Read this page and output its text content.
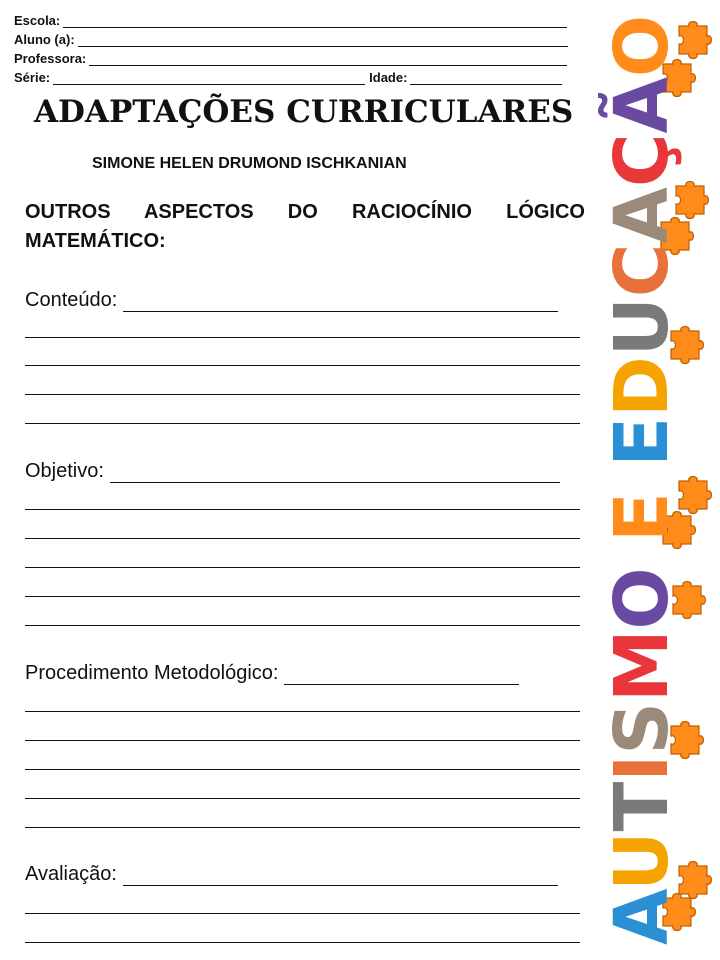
Escola:
Aluno (a):
Professora:
Série:	Idade:
ADAPTAÇÕES CURRICULARES
SIMONE HELEN DRUMOND ISCHKANIAN
OUTROS ASPECTOS DO RACIOCÍNIO LÓGICO
MATEMÁTICO:
Conteúdo:
Objetivo:
Procedimento Metodológico:
Avaliação:
AUTISMO E EDUCAÇÃO
